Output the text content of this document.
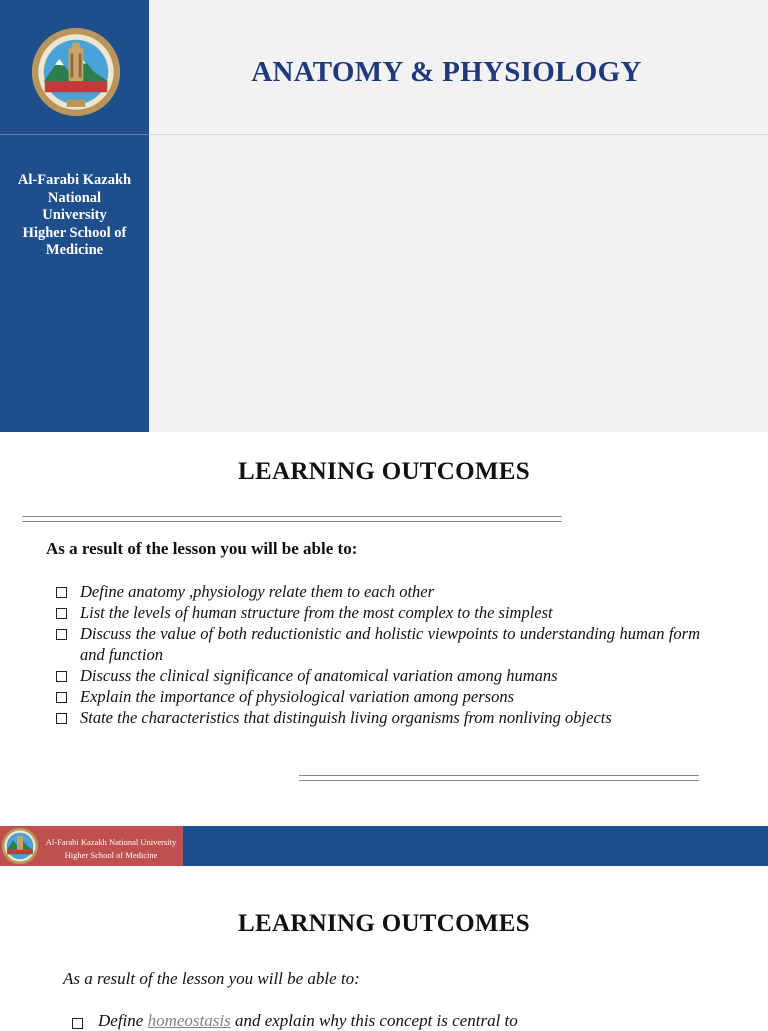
Al-Farabi Kazakh
National
University
Higher School of
Medicine
ANATOMY & PHYSIOLOGY
LEARNING OUTCOMES
As a result of the lesson you will be able to:
Define anatomy ,physiology relate them to each other
List the levels of human structure from the most complex to the simplest
Discuss the value of both reductionistic and holistic viewpoints to understanding human form and function
Discuss the clinical significance of anatomical variation among humans
Explain the importance of physiological variation among persons
State the characteristics that distinguish living organisms from nonliving objects
Al-Farabi Kazakh National University
Higher School of Medicine
LEARNING OUTCOMES
As a result of the lesson you will be able to:
Define homeostasis and explain why this concept is central to
